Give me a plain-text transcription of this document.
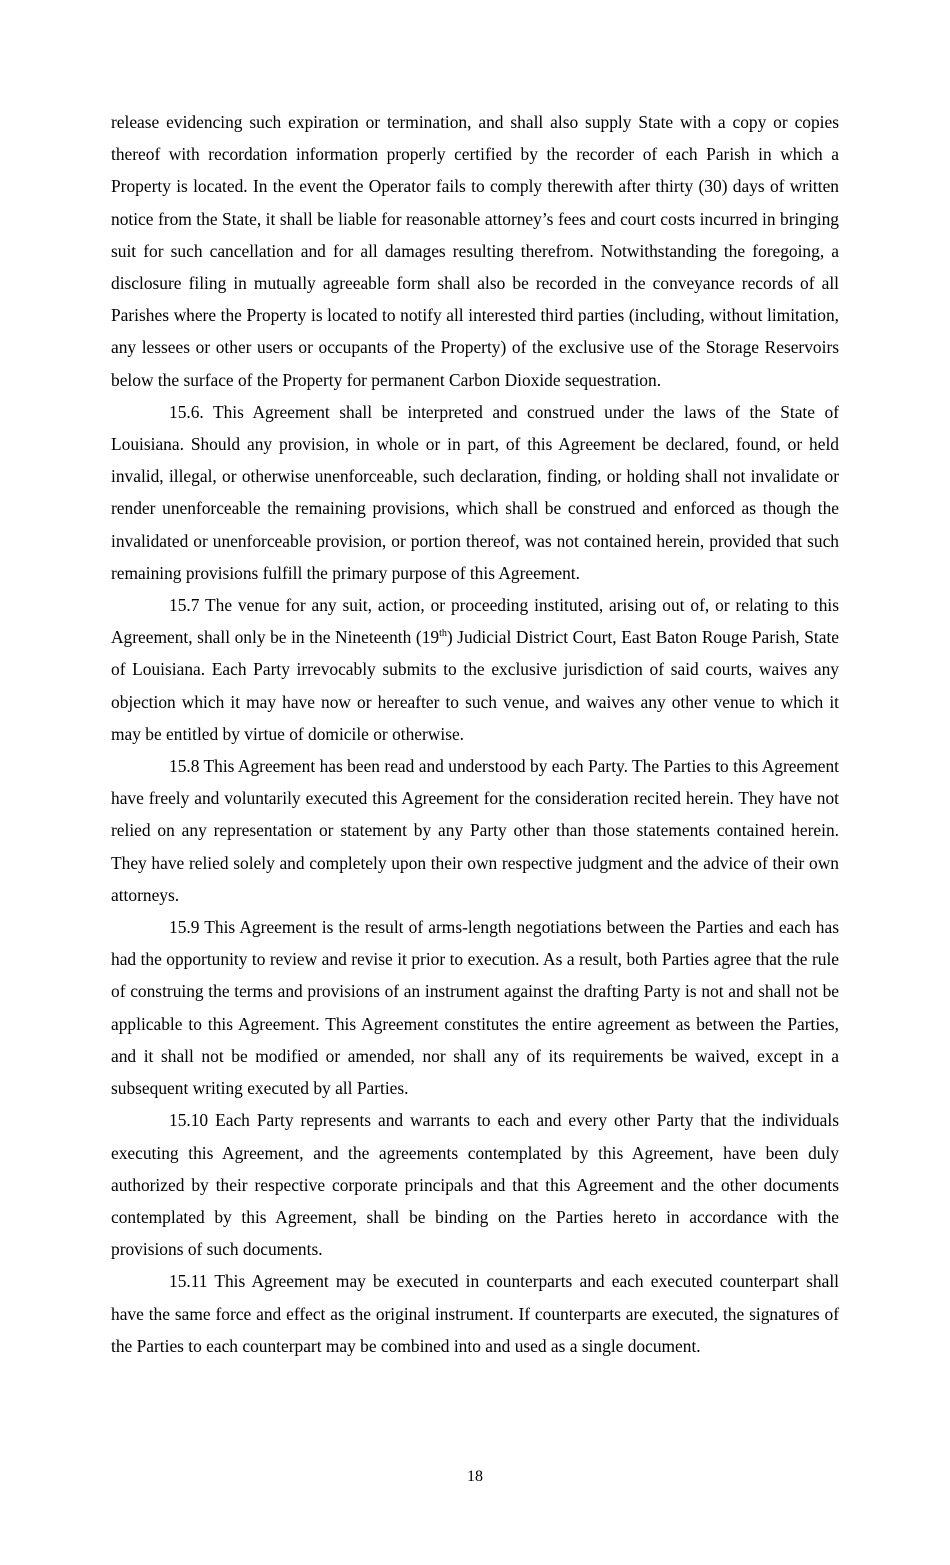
release evidencing such expiration or termination, and shall also supply State with a copy or copies thereof with recordation information properly certified by the recorder of each Parish in which a Property is located. In the event the Operator fails to comply therewith after thirty (30) days of written notice from the State, it shall be liable for reasonable attorney’s fees and court costs incurred in bringing suit for such cancellation and for all damages resulting therefrom. Notwithstanding the foregoing, a disclosure filing in mutually agreeable form shall also be recorded in the conveyance records of all Parishes where the Property is located to notify all interested third parties (including, without limitation, any lessees or other users or occupants of the Property) of the exclusive use of the Storage Reservoirs below the surface of the Property for permanent Carbon Dioxide sequestration.

15.6. This Agreement shall be interpreted and construed under the laws of the State of Louisiana. Should any provision, in whole or in part, of this Agreement be declared, found, or held invalid, illegal, or otherwise unenforceable, such declaration, finding, or holding shall not invalidate or render unenforceable the remaining provisions, which shall be construed and enforced as though the invalidated or unenforceable provision, or portion thereof, was not contained herein, provided that such remaining provisions fulfill the primary purpose of this Agreement.

15.7 The venue for any suit, action, or proceeding instituted, arising out of, or relating to this Agreement, shall only be in the Nineteenth (19th) Judicial District Court, East Baton Rouge Parish, State of Louisiana. Each Party irrevocably submits to the exclusive jurisdiction of said courts, waives any objection which it may have now or hereafter to such venue, and waives any other venue to which it may be entitled by virtue of domicile or otherwise.

15.8 This Agreement has been read and understood by each Party. The Parties to this Agreement have freely and voluntarily executed this Agreement for the consideration recited herein. They have not relied on any representation or statement by any Party other than those statements contained herein. They have relied solely and completely upon their own respective judgment and the advice of their own attorneys.

15.9 This Agreement is the result of arms-length negotiations between the Parties and each has had the opportunity to review and revise it prior to execution. As a result, both Parties agree that the rule of construing the terms and provisions of an instrument against the drafting Party is not and shall not be applicable to this Agreement. This Agreement constitutes the entire agreement as between the Parties, and it shall not be modified or amended, nor shall any of its requirements be waived, except in a subsequent writing executed by all Parties.

15.10 Each Party represents and warrants to each and every other Party that the individuals executing this Agreement, and the agreements contemplated by this Agreement, have been duly authorized by their respective corporate principals and that this Agreement and the other documents contemplated by this Agreement, shall be binding on the Parties hereto in accordance with the provisions of such documents.

15.11 This Agreement may be executed in counterparts and each executed counterpart shall have the same force and effect as the original instrument. If counterparts are executed, the signatures of the Parties to each counterpart may be combined into and used as a single document.

18
